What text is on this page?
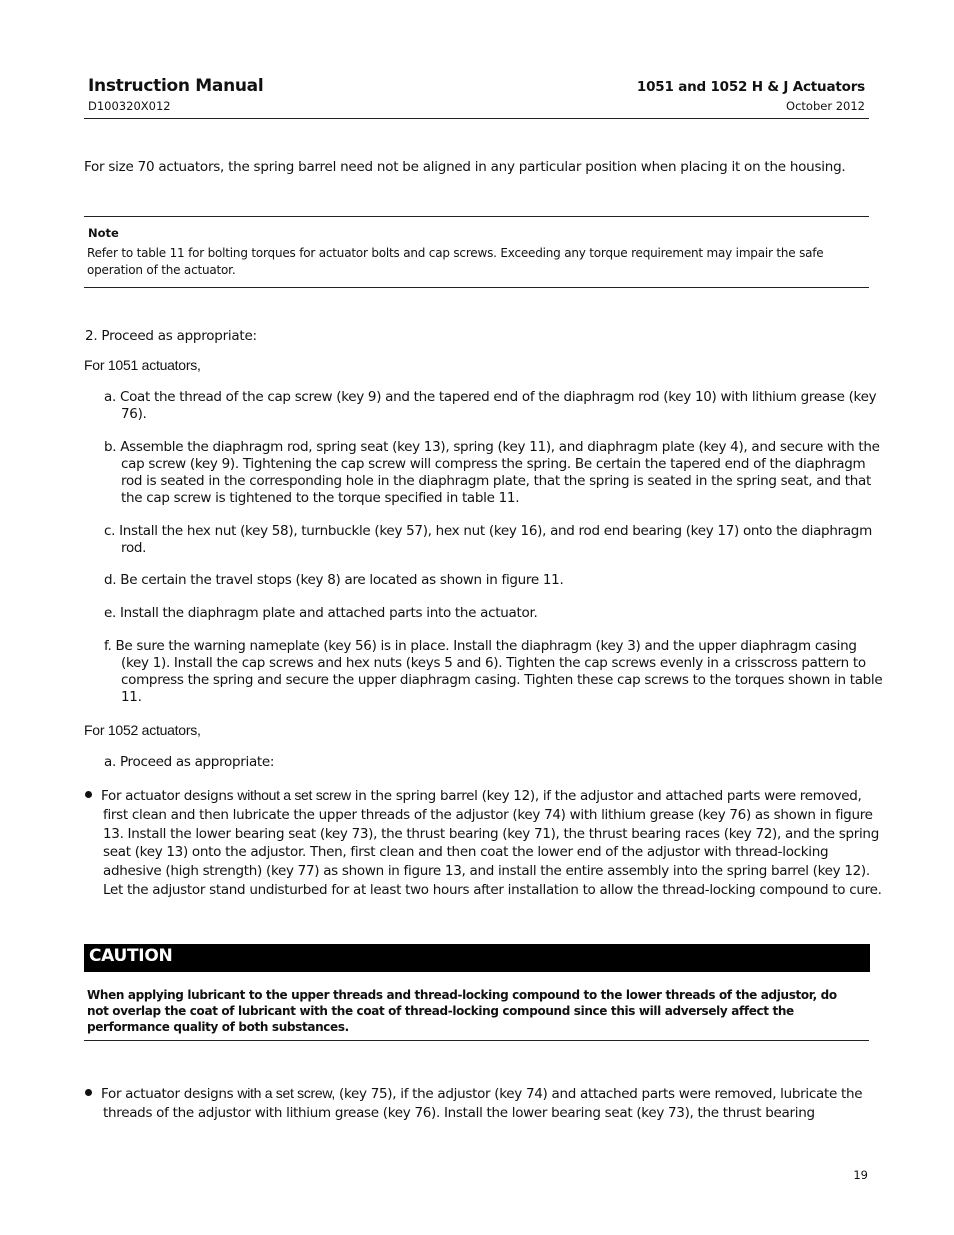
Instruction Manual
D100320X012
1051 and 1052 H & J Actuators
October 2012
For size 70 actuators, the spring barrel need not be aligned in any particular position when placing it on the housing.
Note
Refer to table 11 for bolting torques for actuator bolts and cap screws. Exceeding any torque requirement may impair the safe operation of the actuator.
2. Proceed as appropriate:
For 1051 actuators,
a. Coat the thread of the cap screw (key 9) and the tapered end of the diaphragm rod (key 10) with lithium grease (key 76).
b. Assemble the diaphragm rod, spring seat (key 13), spring (key 11), and diaphragm plate (key 4), and secure with the cap screw (key 9). Tightening the cap screw will compress the spring. Be certain the tapered end of the diaphragm rod is seated in the corresponding hole in the diaphragm plate, that the spring is seated in the spring seat, and that the cap screw is tightened to the torque specified in table 11.
c. Install the hex nut (key 58), turnbuckle (key 57), hex nut (key 16), and rod end bearing (key 17) onto the diaphragm rod.
d. Be certain the travel stops (key 8) are located as shown in figure 11.
e. Install the diaphragm plate and attached parts into the actuator.
f. Be sure the warning nameplate (key 56) is in place. Install the diaphragm (key 3) and the upper diaphragm casing (key 1). Install the cap screws and hex nuts (keys 5 and 6). Tighten the cap screws evenly in a crisscross pattern to compress the spring and secure the upper diaphragm casing. Tighten these cap screws to the torques shown in table 11.
For 1052 actuators,
a. Proceed as appropriate:
For actuator designs without a set screw in the spring barrel (key 12), if the adjustor and attached parts were removed, first clean and then lubricate the upper threads of the adjustor (key 74) with lithium grease (key 76) as shown in figure 13. Install the lower bearing seat (key 73), the thrust bearing (key 71), the thrust bearing races (key 72), and the spring seat (key 13) onto the adjustor. Then, first clean and then coat the lower end of the adjustor with thread-locking adhesive (high strength) (key 77) as shown in figure 13, and install the entire assembly into the spring barrel (key 12). Let the adjustor stand undisturbed for at least two hours after installation to allow the thread-locking compound to cure.
CAUTION
When applying lubricant to the upper threads and thread-locking compound to the lower threads of the adjustor, do not overlap the coat of lubricant with the coat of thread-locking compound since this will adversely affect the performance quality of both substances.
For actuator designs with a set screw, (key 75), if the adjustor (key 74) and attached parts were removed, lubricate the threads of the adjustor with lithium grease (key 76). Install the lower bearing seat (key 73), the thrust bearing
19
